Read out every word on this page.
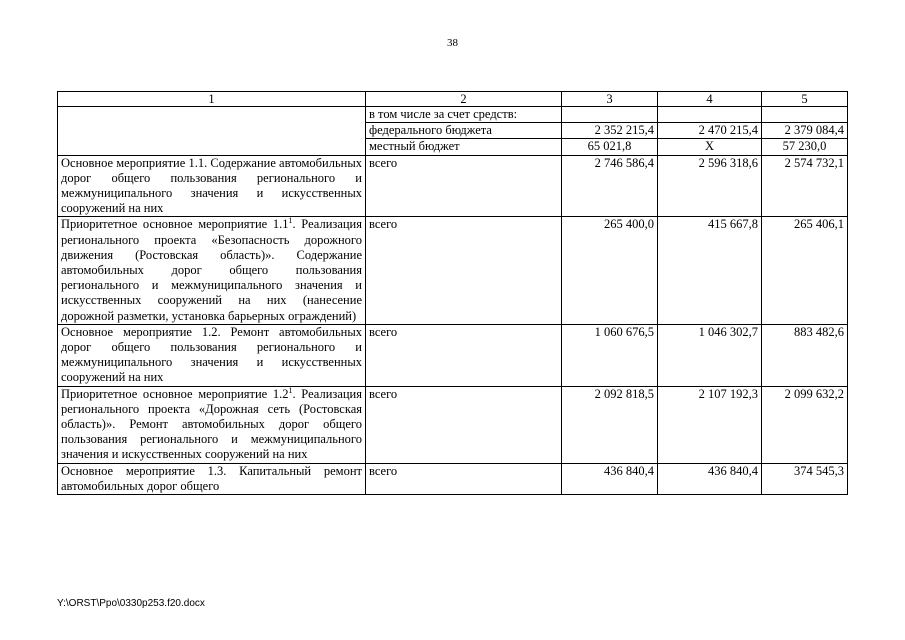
38
1	2	3	4	5
	в том числе за счет средств:			
	федерального бюджета	2 352 215,4	2 470 215,4	2 379 084,4
	местный бюджет	65 021,8	Х	57 230,0
Основное мероприятие 1.1. Содержание автомобильных дорог общего пользования регионального и межмуниципального значения и искусственных сооружений на них	всего	2 746 586,4	2 596 318,6	2 574 732,1
Приоритетное основное мероприятие $1.1^1$. Реализация регионального проекта «Безопасность дорожного движения (Ростовская область)». Содержание автомобильных дорог общего пользования регионального и межмуниципального значения и искусственных сооружений на них (нанесение дорожной разметки, установка барьерных ограждений)	всего	265 400,0	415 667,8	265 406,1
Основное мероприятие 1.2. Ремонт автомобильных дорог общего пользования регионального и межмуниципального значения и искусственных сооружений на них	всего	1 060 676,5	1 046 302,7	883 482,6
Приоритетное основное мероприятие $1.2^1$. Реализация регионального проекта «Дорожная сеть (Ростовская область)». Ремонт автомобильных дорог общего пользования регионального и межмуниципального значения и искусственных сооружений на них	всего	2 092 818,5	2 107 192,3	2 099 632,2

Основное мероприятие 1.3. Капитальный ремонт автомобильных дорог общего	всего	436 840,4	436 840,4	374 545,3
Y:\ORST\Ppo\0330p253.f20.docx
